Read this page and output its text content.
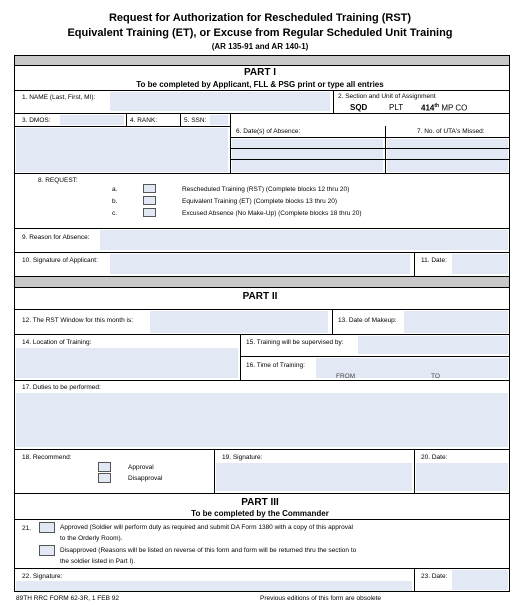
Request for Authorization for Rescheduled Training (RST)
Equivalent Training (ET), or Excuse from Regular Scheduled Unit Training
(AR 135-91 and AR 140-1)
PART I
To be completed by Applicant, FLL & PSG print or type all entries
1. NAME (Last, First, MI):	2. Section and Unit of Assignment
SQD	PLT 414th MP CO
3. DMOS:	4. RANK:	5. SSN:
6. Date(s) of Absence:	7. No. of UTA's Missed:
8. REQUEST:
a.	Rescheduled Training (RST) (Complete blocks 12 thru 20)
b.	Equivalent Training (ET) (Complete blocks 13 thru 20)
c.	Excused Absence (No Make-Up) (Complete blocks 18 thru 20)
9. Reason for Absence:
10. Signature of Applicant:	11. Date:
PART II
12. The RST Window for this month is:	13. Date of Makeup:
14. Location of Training:	15. Training will be supervised by:
16. Time of Training:
FROM	TO
17. Duties to be performed:
18. Recommend:
Approval
Disapproval
19. Signature:	20. Date:
PART III
To be completed by the Commander
21.	Approved (Soldier will perform duty as required and submit DA Form 1380 with a copy of this approval
to the Orderly Room).
Disapproved (Reasons will be listed on reverse of this form and form will be returned thru the section to
the soldier listed in Part I).
22. Signature:	23. Date:
89TH RRC FORM 62-3R, 1 FEB 92	Previous editions of this form are obsolete
